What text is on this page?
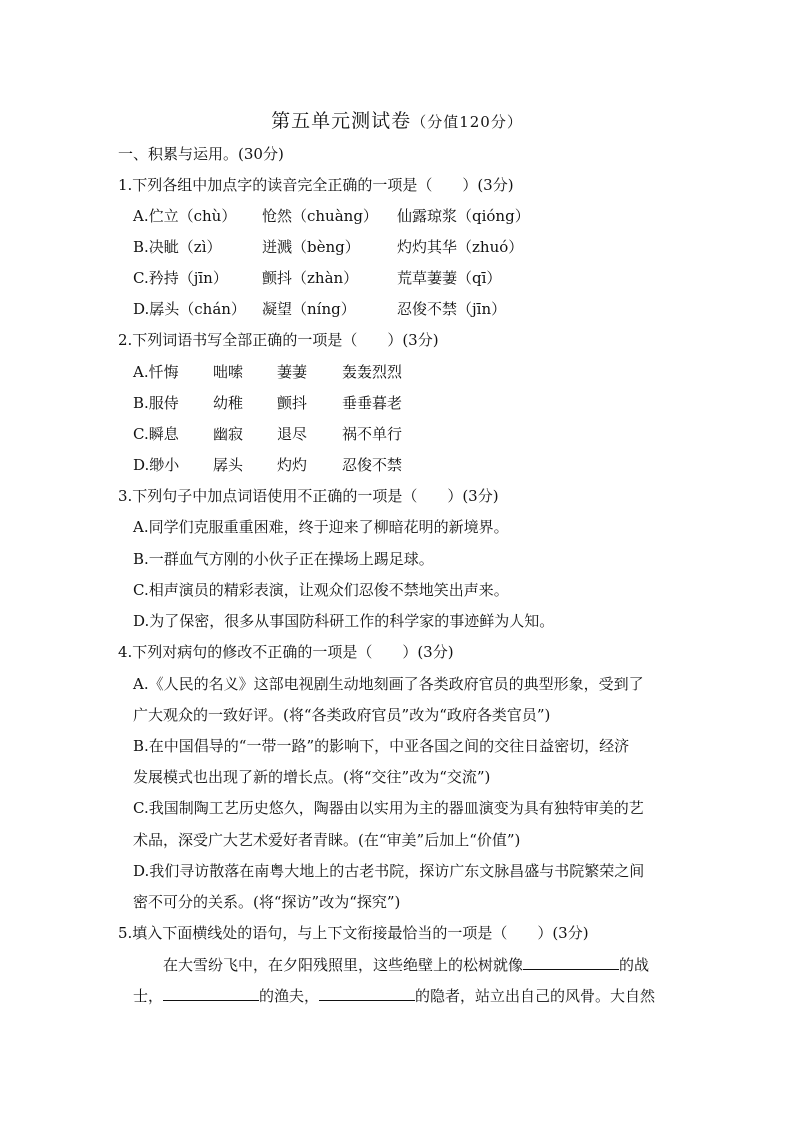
第五单元测试卷（分值120分）
一、积累与运用。(30分)
1.下列各组中加点字的读音完全正确的一项是（　　）(3分)
A.伫立（chù） 怆然（chuàng） 仙露琼浆（qióng）
B.决眦（zì）	迸溅（bèng） 灼灼其华（zhuó）
C.矜持（jīn） 颤抖（zhàn）	荒草萋萋（qī）
D.孱头（chán） 凝望（níng）	忍俊不禁（jīn）
2.下列词语书写全部正确的一项是（　　）(3分)
A.忏悔 咄嗦 萋萋 轰轰烈烈
B.服侍 幼稚 颤抖 垂垂暮老
C.瞬息 幽寂 退尽 祸不单行
D.缈小 孱头 灼灼 忍俊不禁
3.下列句子中加点词语使用不正确的一项是（　　）(3分)
A.同学们克服重重困难，终于迎来了柳暗花明的新境界。
B.一群血气方刚的小伙子正在操场上踢足球。
C.相声演员的精彩表演，让观众们忍俊不禁地笑出声来。
D.为了保密，很多从事国防科研工作的科学家的事迹鲜为人知。
4.下列对病句的修改不正确的一项是（　　）(3分)
A.《人民的名义》这部电视剧生动地刻画了各类政府官员的典型形象，受到了
广大观众的一致好评。(将“各类政府官员”改为“政府各类官员”)
B.在中国倡导的“一带一路”的影响下，中亚各国之间的交往日益密切，经济
发展模式也出现了新的增长点。(将“交往”改为“交流”)
C.我国制陶工艺历史悠久，陶器由以实用为主的器皿演变为具有独特审美的艺
术品，深受广大艺术爱好者青睐。(在“审美”后加上“价值”)
D.我们寻访散落在南粤大地上的古老书院，探访广东文脉昌盛与书院繁荣之间
密不可分的关系。(将“探访”改为“探究”)
5.填入下面横线处的语句，与上下文衔接最恰当的一项是（　　）(3分)
在大雪纷飞中，在夕阳残照里，这些绝壁上的松树就像	的战
士，	的渔夫，	的隐者，站立出自己的风骨。大自然
